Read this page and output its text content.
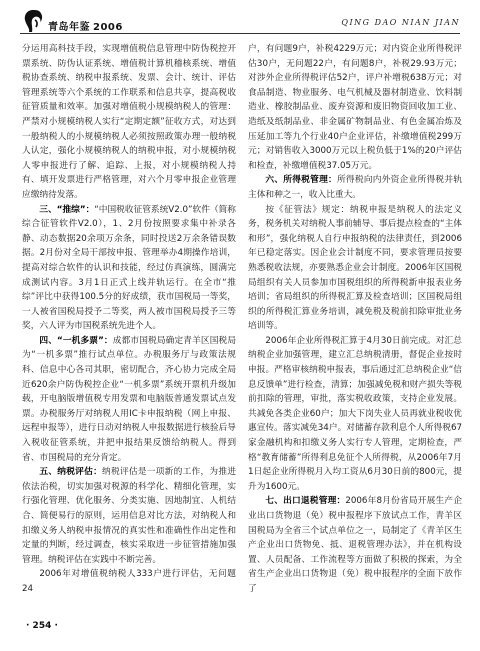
青岛年鉴 2006	QING DAO NIAN JIAN

分运用高科技手段，实现增值税信息管理中防伪税控开票系统、防伪认证系统、增值税计算机稽核系统、增值税协查系统、纳税申报系统、发票、会计、统计、评估管理系统等六个系统的工作联系和信息共享，提高税收征管质量和效率。加强对增值税小规模纳税人的管理：严禁对小规模纳税人实行“定期定额”征收方式，对达到一般纳税人的小规模纳税人必须按照政策办理一般纳税人认定，强化小规模纳税人的纳税申报，对小规模纳税人零申报进行了解、追踪、上报，对小规模纳税人持有、填开发票进行严格管理，对六个月零申报企业管理应缴纳待发落。

三、“推综”：“中国税收征管系统V2.0”软件（简称综合征管软件V2.0），1、2月份按照要求集中补录各静、动态数据20余项万余条，同时投送2万余条错误数据。2月份对全局干部按申报、管理举办4期操作培训，提高对综合软件的认识和技能，经过仿真演练，圆满完成测试内容。3月1日正式上线并轨运行。在全市“推综”评比中获得100.5分的好成绩，获市国税局一等奖，一人被省国税局授予二等奖，两人被市国税局授予三等奖，六人评为市国税系统先进个人。

四、“一机多票”：成都市国税局确定青羊区国税局为“一机多票”推行试点单位。办税服务厅与政策法规科、信息中心各司其职，密切配合，齐心协力完成全局近620余户防伪税控企业“一机多票”系统开票机升级加载，开电脑版增值税专用发票和电脑版普通发票试点发票。办税服务厅对纳税人用IC卡申报纳税（网上申报、远程申报等），进行日动对纳税人申报数据进行核验后导入税收征管系统，并把申报结果反馈给纳税人。得到省、市国税局的充分肯定。

五、纳税评估：纳税评估是一项新的工作，为推进依法治税，切实加强对税源的科学化、精细化管理，实行强化管理、优化服务、分类实施、因地制宜、人机结合、简便易行的原则，运用信息对比方法，对纳税人和扣缴义务人纳税申报情况的真实性和准确性作出定性和定量的判断，经过调查，核实采取进一步征管措施加强管理。纳税评估在实践中不断完善。

2006年对增值税纳税人333户进行评估，无问题24

户，有问题9户，补税4229万元；对内资企业所得税评估30户，无问题22户，有问题8户，补税29.93万元；对涉外企业所得税评估52户，评户补增税638万元；对食品制造、物业服务、电气机械及器材制造业、饮料制造业、橡胶制品业、废弃资源和废旧物资回收加工业、造纸及纸制品业、非金属矿物制品业、有色金属冶炼及压延加工等九个行业40户企业评估，补缴增值税299万元；对销售收入3000万元以上税负低于1%的20户评估和检查，补缴增值税37.05万元。

六、所得税管理：所得税向内外资企业所得税并轨主体和种之一，收入比重大。

按《征管法》规定：纳税申报是纳税人的法定义务，税务机关对纳税人事前辅导、事后提点检查的“主体和形”，强化纳税人自行申报纳税的法律责任，到2006年已稳定落实。因企业会计制度不同，要求管理员按要熟悉税收法规，亦要熟悉企业会计制度。2006年区国税局组织有关人员参加市国税组织的所得税新申报表业务培训；省局组织的所得税汇算及检查培训；区国税局组织的所得税汇算业务培训，减免税及税前扣除审批业务培训等。

2006年企业所得税汇算于4月30日前完成。对汇总纳税企业加强管理，建立汇总纳税清册，督促企业按时申报。严格审核纳税申报表，事后通过汇总纳税企业“信息反馈单”进行检查，清算；加强减免税和财产损失等税前扣除的管理，审批，落实税收政策，支持企业发展。共减免各类企业60户；加大下岗失业人员再就业税收优惠宣传。落实减免34户。对储蓄存款利息个人所得税67家金融机构和扣缴义务人实行专人管理，定期检查，严格“教育储蓄”所得利息免征个人所得税，从2006年7月1日起企业所得税月入均工资从6月30日前的800元，提升为1600元。

七、出口退税管理：2006年8月份省局开展生产企业出口货物退（免）税申报程序下放试点工作，青羊区国税局为全省三个试点单位之一，局制定了《青羊区生产企业出口货物免、抵、退税管理办法》，并在机构设置、人员配备、工作流程等方面做了积极的探索，为全省生产企业出口货物退（免）税申报程序的全面下放作了

· 254 ·
